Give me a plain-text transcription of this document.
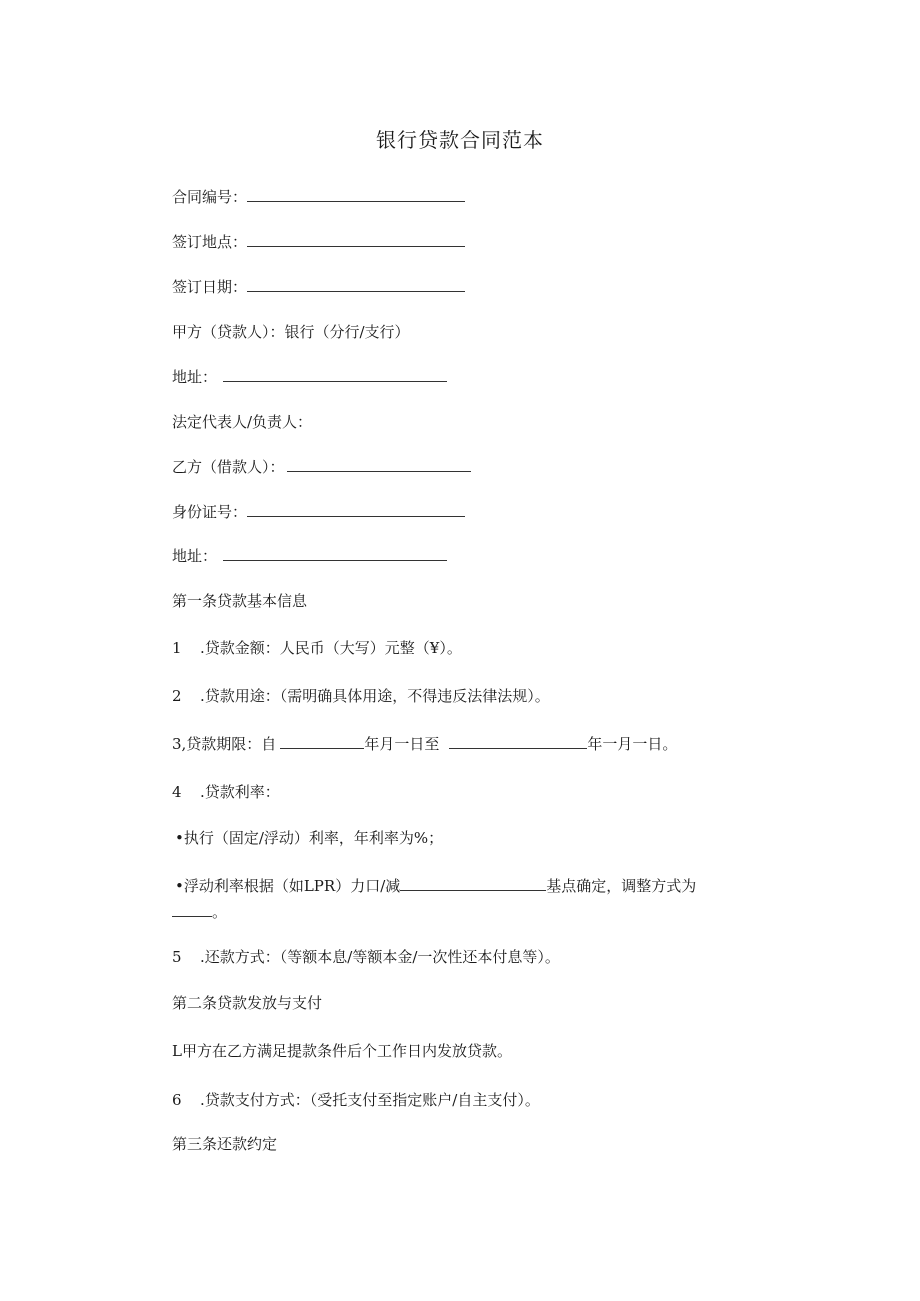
银行贷款合同范本
合同编号：
签订地点：
签订日期：
甲方（贷款人）：银行（分行/支行）
地址：
法定代表人/负责人：
乙方（借款人）：
身份证号：
地址：
第一条贷款基本信息
1 .贷款金额：人民币（大写）元整（¥）。
2 .贷款用途：（需明确具体用途，不得违反法律法规）。
3,贷款期限：自	年月一日至	年一月一日。
4 .贷款利率：
•执行（固定/浮动）利率，年利率为%；
•浮动利率根据（如LPR）力口/减	基点确定，调整方式为
。
5 .还款方式：（等额本息/等额本金/一次性还本付息等）。
第二条贷款发放与支付
L甲方在乙方满足提款条件后个工作日内发放贷款。
6 .贷款支付方式：（受托支付至指定账户/自主支付）。
第三条还款约定
